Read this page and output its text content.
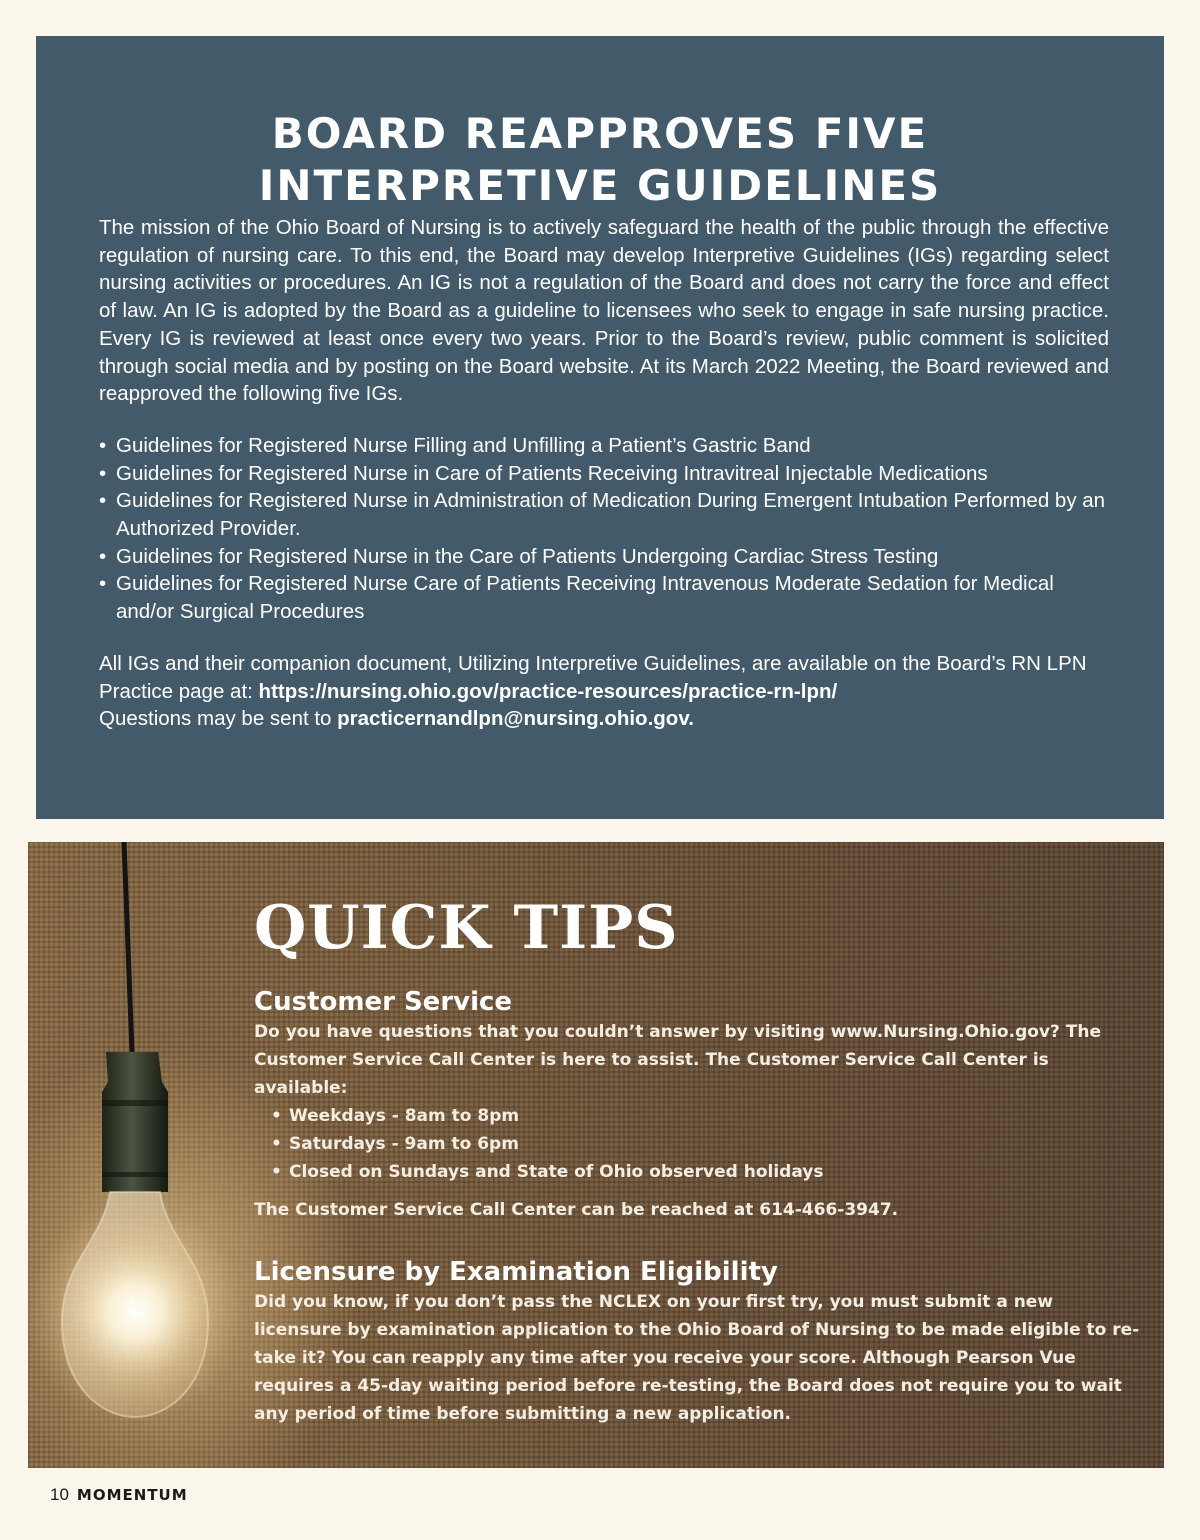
BOARD REAPPROVES FIVE
INTERPRETIVE GUIDELINES

The mission of the Ohio Board of Nursing is to actively safeguard the health of the public through the effective regulation of nursing care. To this end, the Board may develop Interpretive Guidelines (IGs) regarding select nursing activities or procedures. An IG is not a regulation of the Board and does not carry the force and effect of law. An IG is adopted by the Board as a guideline to licensees who seek to engage in safe nursing practice. Every IG is reviewed at least once every two years. Prior to the Board’s review, public comment is solicited through social media and by posting on the Board website. At its March 2022 Meeting, the Board reviewed and reapproved the following five IGs.

• Guidelines for Registered Nurse Filling and Unfilling a Patient’s Gastric Band
• Guidelines for Registered Nurse in Care of Patients Receiving Intravitreal Injectable Medications
• Guidelines for Registered Nurse in Administration of Medication During Emergent Intubation Performed by an Authorized Provider.
• Guidelines for Registered Nurse in the Care of Patients Undergoing Cardiac Stress Testing
• Guidelines for Registered Nurse Care of Patients Receiving Intravenous Moderate Sedation for Medical and/or Surgical Procedures

All IGs and their companion document, Utilizing Interpretive Guidelines, are available on the Board’s RN LPN Practice page at: https://nursing.ohio.gov/practice-resources/practice-rn-lpn/
Questions may be sent to practicernandlpn@nursing.ohio.gov.

QUICK TIPS
Customer Service

Do you have questions that you couldn’t answer by visiting www.Nursing.Ohio.gov? The Customer Service Call Center is here to assist. The Customer Service Call Center is available:

• Weekdays - 8am to 8pm
• Saturdays - 9am to 6pm
• Closed on Sundays and State of Ohio observed holidays

The Customer Service Call Center can be reached at 614-466-3947.

Licensure by Examination Eligibility

Did you know, if you don’t pass the NCLEX on your first try, you must submit a new licensure by examination application to the Ohio Board of Nursing to be made eligible to re-take it? You can reapply any time after you receive your score. Although Pearson Vue requires a 45-day waiting period before re-testing, the Board does not require you to wait any period of time before submitting a new application.

10 MOMENTUM
